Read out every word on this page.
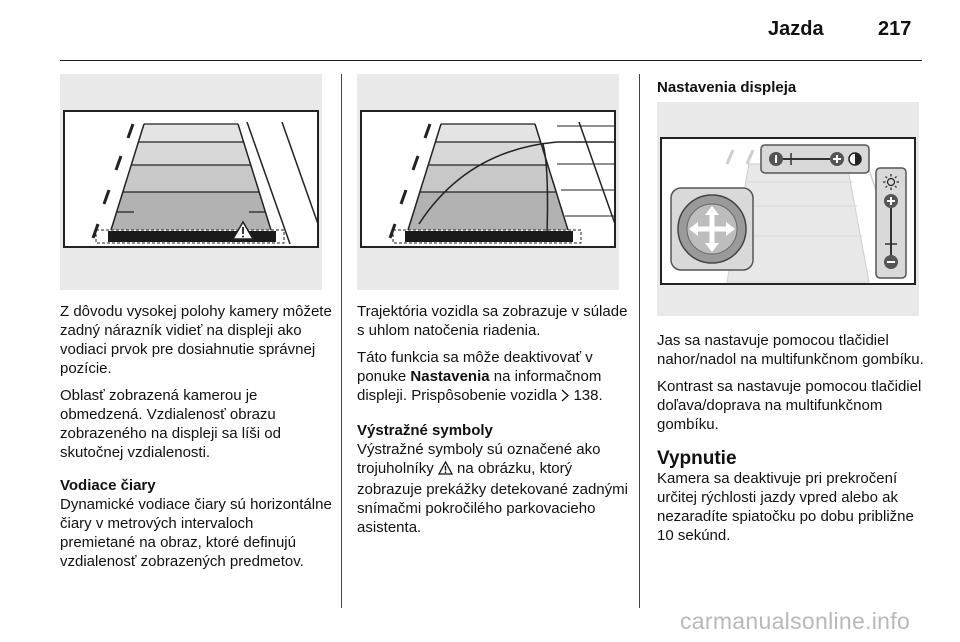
Jazda	217

Z dôvodu vysokej polohy kamery môžete zadný nárazník vidieť na displeji ako vodiaci prvok pre dosiahnutie správnej pozície.

Oblasť zobrazená kamerou je obmedzená. Vzdialenosť obrazu zobrazeného na displeji sa líši od skutočnej vzdialenosti.

Vodiace čiary

Dynamické vodiace čiary sú horizontálne čiary v metrových intervaloch premietané na obraz, ktoré definujú vzdialenosť zobrazených predmetov.

Trajektória vozidla sa zobrazuje v súlade s uhlom natočenia riadenia.

Táto funkcia sa môže deaktivovať v ponuke Nastavenia na informačnom displeji. Prispôsobenie vozidla  138.

Výstražné symboly

Výstražné symboly sú označené ako trojuholníky  na obrázku, ktorý zobrazuje prekážky detekované zadnými snímačmi pokročilého parkovacieho asistenta.

Nastavenia displeja

Jas sa nastavuje pomocou tlačidiel nahor/nadol na multifunkčnom gombíku.

Kontrast sa nastavuje pomocou tlačidiel doľava/doprava na multifunkčnom gombíku.

Vypnutie

Kamera sa deaktivuje pri prekročení určitej rýchlosti jazdy vpred alebo ak nezaradíte spiatočku po dobu približne 10 sekúnd.

carmanualsonline.info
